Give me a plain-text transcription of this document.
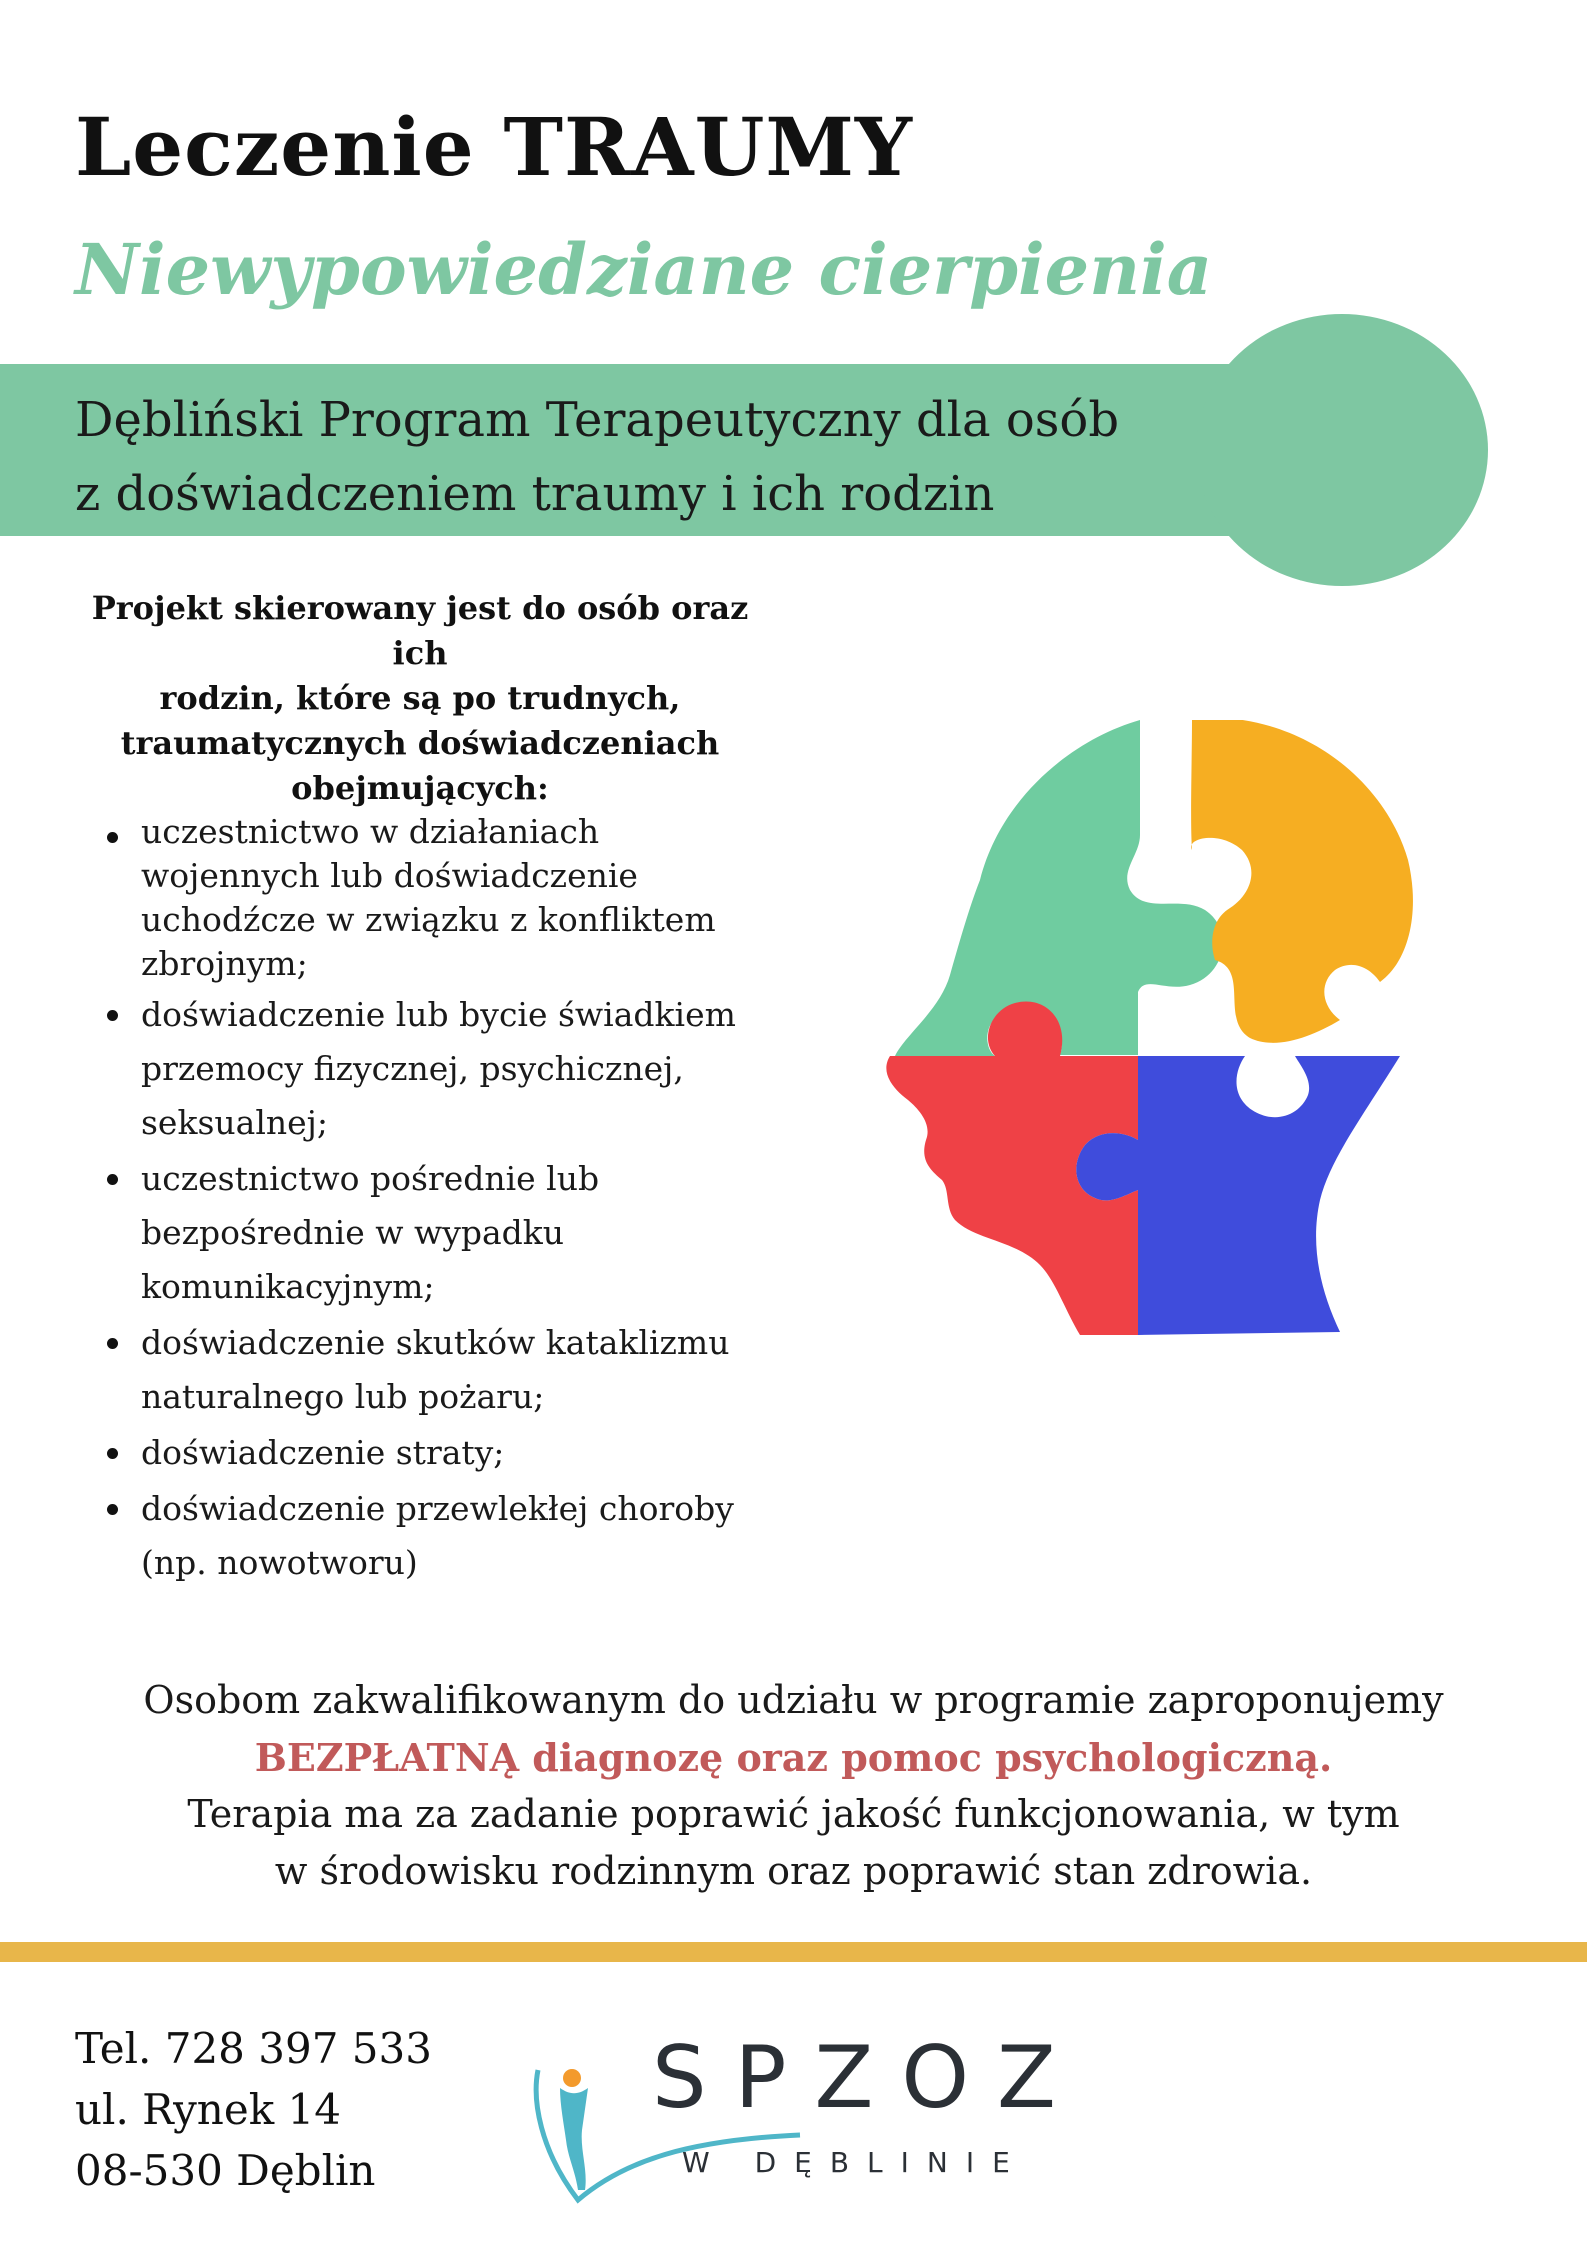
Leczenie TRAUMY
Niewypowiedziane cierpienia
Dębliński Program Terapeutyczny dla osób
z doświadczeniem traumy i ich rodzin
Projekt skierowany jest do osób oraz ich
rodzin, które są po trudnych,
traumatycznych doświadczeniach
obejmujących:
uczestnictwo w działaniach
wojennych lub doświadczenie
uchodźcze w związku z konfliktem
zbrojnym;
doświadczenie lub bycie świadkiem
przemocy fizycznej, psychicznej,
seksualnej;
uczestnictwo pośrednie lub
bezpośrednie w wypadku
komunikacyjnym;
doświadczenie skutków kataklizmu
naturalnego lub pożaru;
doświadczenie straty;
doświadczenie przewlekłej choroby
(np. nowotworu)
Osobom zakwalifikowanym do udziału w programie zaproponujemy
BEZPŁATNĄ diagnozę oraz pomoc psychologiczną.
Terapia ma za zadanie poprawić jakość funkcjonowania, w tym
w środowisku rodzinnym oraz poprawić stan zdrowia.
Tel. 728 397 533
ul. Rynek 14
08-530 Dęblin
SPZOZ
W DĘBLINIE
